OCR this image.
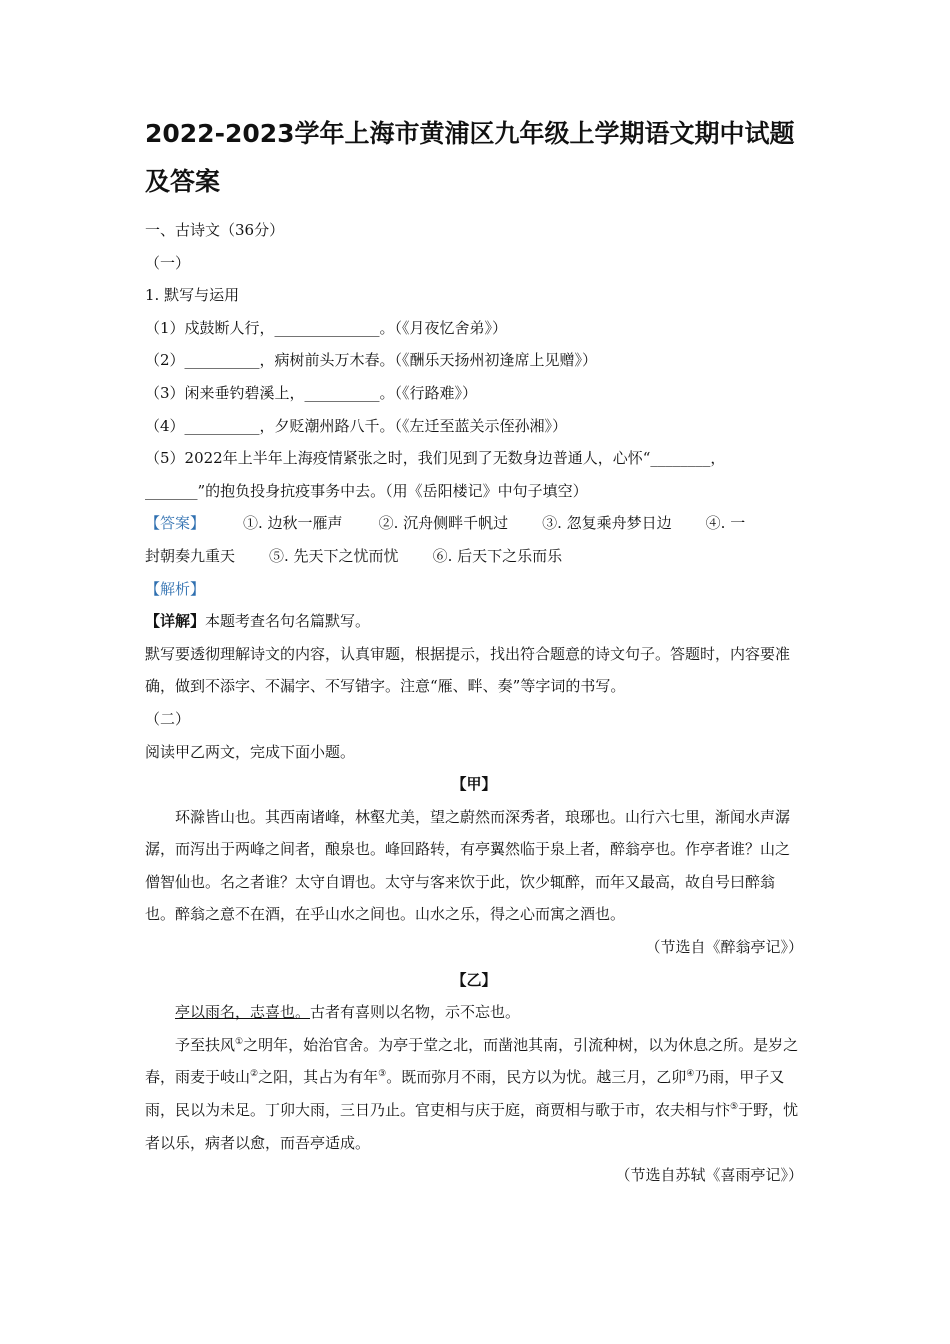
2022-2023学年上海市黄浦区九年级上学期语文期中试题及答案
一、古诗文（36分）
（一）
1. 默写与运用
（1）戍鼓断人行，______________。（《月夜忆舍弟》）
（2）__________，病树前头万木春。（《酬乐天扬州初逢席上见赠》）
（3）闲来垂钓碧溪上，__________。（《行路难》）
（4）__________，夕贬潮州路八千。（《左迁至蓝关示侄孙湘》）
（5）2022年上半年上海疫情紧张之时，我们见到了无数身边普通人，心怀“________，
_______”的抱负投身抗疫事务中去。（用《岳阳楼记》中句子填空）
【答案】	①. 边秋一雁声 ②. 沉舟侧畔千帆过 ③. 忽复乘舟梦日边 ④. 一
封朝奏九重天 ⑤. 先天下之忧而忧 ⑥. 后天下之乐而乐
【解析】
【详解】本题考查名句名篇默写。
默写要透彻理解诗文的内容，认真审题，根据提示，找出符合题意的诗文句子。答题时，内容要准确，做到不添字、不漏字、不写错字。注意“雁、畔、奏”等字词的书写。
（二）
阅读甲乙两文，完成下面小题。
【甲】
环滁皆山也。其西南诸峰，林壑尤美，望之蔚然而深秀者，琅琊也。山行六七里，渐闻水声潺潺，而泻出于两峰之间者，酿泉也。峰回路转，有亭翼然临于泉上者，醉翁亭也。作亭者谁？山之僧智仙也。名之者谁？太守自谓也。太守与客来饮于此，饮少辄醉，而年又最高，故自号曰醉翁也。醉翁之意不在酒，在乎山水之间也。山水之乐，得之心而寓之酒也。
（节选自《醉翁亭记》）
【乙】
亭以雨名，志喜也。古者有喜则以名物，示不忘也。
予至扶风①之明年，始治官舍。为亭于堂之北，而凿池其南，引流种树，以为休息之所。是岁之春，雨麦于岐山②之阳，其占为有年③。既而弥月不雨，民方以为忧。越三月，乙卯④乃雨，甲子又雨，民以为未足。丁卯大雨，三日乃止。官吏相与庆于庭，商贾相与歌于市，农夫相与忭⑤于野，忧者以乐，病者以愈，而吾亭适成。
（节选自苏轼《喜雨亭记》）
